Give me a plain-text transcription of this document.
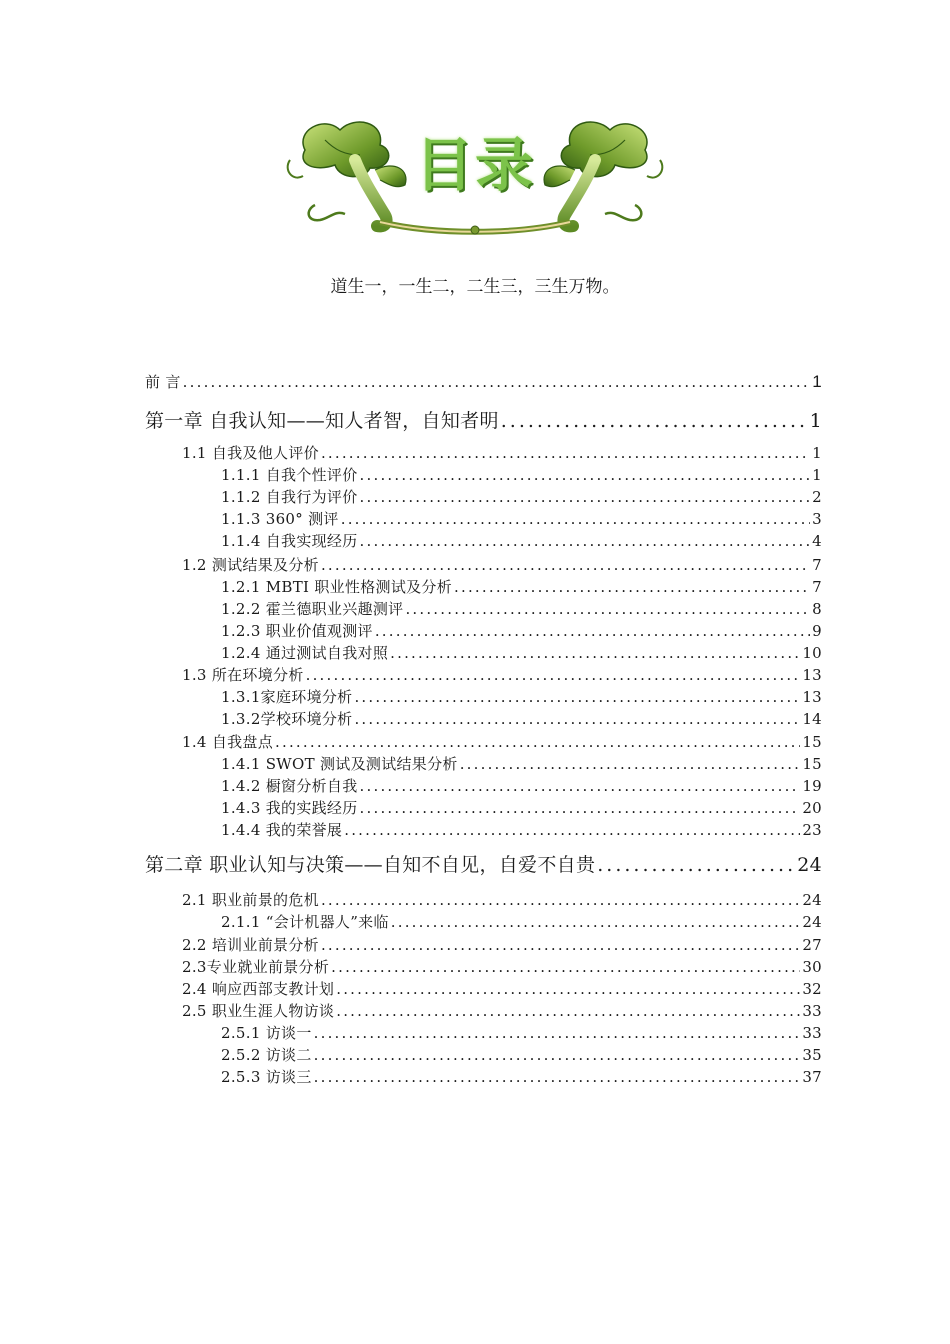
目录
道生一，一生二，二生三，三生万物。
前 言 .....	1
第一章 自我认知——知人者智，自知者明 .....	1
1.1 自我及他人评价 .....	1
1.1.1 自我个性评价 .....	1
1.1.2 自我行为评价 .....	2
1.1.3 360° 测评 .....	3
1.1.4 自我实现经历 .....	4
1.2 测试结果及分析 .....	7
1.2.1 MBTI 职业性格测试及分析 .....	7
1.2.2 霍兰德职业兴趣测评 .....	8
1.2.3 职业价值观测评 .....	9
1.2.4 通过测试自我对照 .....	10
1.3 所在环境分析 .....	13
1.3.1家庭环境分析 .....	13
1.3.2学校环境分析 .....	14
1.4 自我盘点 .....	15
1.4.1 SWOT 测试及测试结果分析 .....	15
1.4.2 橱窗分析自我 .....	19
1.4.3 我的实践经历 .....	20
1.4.4 我的荣誉展 .....	23
第二章 职业认知与决策——自知不自见，自爱不自贵 .....	24
2.1 职业前景的危机 .....	24
2.1.1 “会计机器人”来临 .....	24
2.2 培训业前景分析 .....	27
2.3专业就业前景分析 .....	30
2.4 响应西部支教计划 .....	32
2.5 职业生涯人物访谈 .....	33
2.5.1 访谈一 .....	33
2.5.2 访谈二 .....	35
2.5.3 访谈三 .....	37
